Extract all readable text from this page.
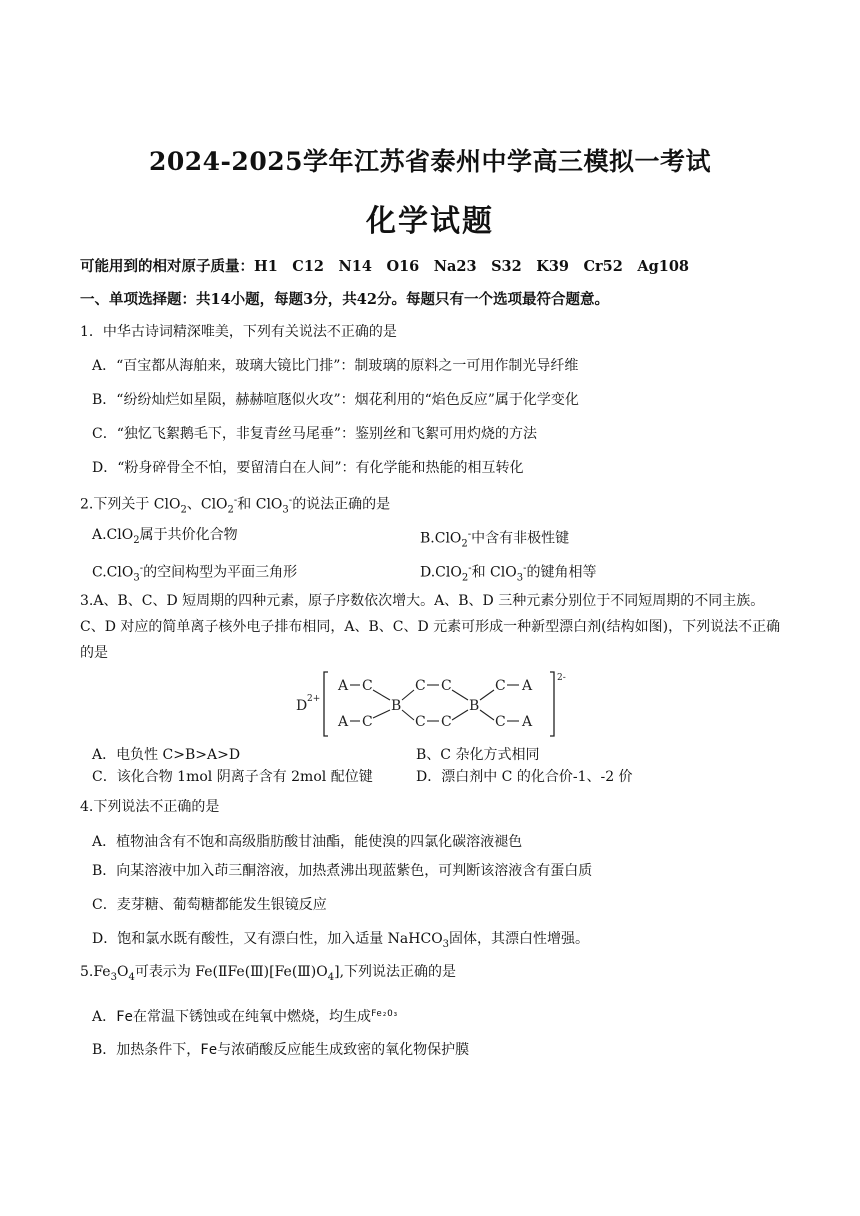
2024-2025学年江苏省泰州中学高三模拟一考试
化学试题
可能用到的相对原子质量：H1　C12　N14　O16　Na23　S32　K39　Cr52　Ag108
一、单项选择题：共14小题，每题3分，共42分。每题只有一个选项最符合题意。
1．中华古诗词精深唯美，下列有关说法不正确的是
A．“百宝都从海舶来，玻璃大镜比门排”：制玻璃的原料之一可用作制光导纤维
B．“纷纷灿烂如星陨，赫赫喧豗似火攻”：烟花利用的“焰色反应”属于化学变化
C．“独忆飞絮鹅毛下，非复青丝马尾垂”：鉴别丝和飞絮可用灼烧的方法
D．“粉身碎骨全不怕，要留清白在人间”：有化学能和热能的相互转化
2.下列关于 ClO$_2$、ClO$_2$-和 ClO$_3$-的说法正确的是
A.ClO$_2$属于共价化合物	B.ClO$_2$-中含有非极性键
C.ClO$_3$-的空间构型为平面三角形	D.ClO$_2$-和 ClO$_3$-的键角相等
3.A、B、C、D 短周期的四种元素，原子序数依次增大。A、B、D 三种元素分别位于不同短周期的不同主族。C、D 对应的简单离子核外电子排布相同，A、B、C、D 元素可形成一种新型漂白剂(结构如图)，下列说法不正确的是
D 2+
2-
A C
A C
B
C C
C C
B
C A
C A
A．电负性 C>B>A>D	B、C 杂化方式相同
C．该化合物 1mol 阴离子含有 2mol 配位键	D．漂白剂中 C 的化合价-1、-2 价
4.下列说法不正确的是
A．植物油含有不饱和高级脂肪酸甘油酯，能使溴的四氯化碳溶液褪色
B．向某溶液中加入茚三酮溶液，加热煮沸出现蓝紫色，可判断该溶液含有蛋白质
C．麦芽糖、葡萄糖都能发生银镜反应
D．饱和氯水既有酸性，又有漂白性，加入适量 NaHCO$_3$固体，其漂白性增强。
$5.Fe_3O_4$可表示为 $Fe(ⅡFe(Ⅲ)[Fe(Ⅲ)O_4]$,下列说法正确的是
A．Fe在常温下锈蚀或在纯氧中燃烧，均生成$^{Fe_2O_3}$
B．加热条件下，Fe与浓硝酸反应能生成致密的氧化物保护膜
